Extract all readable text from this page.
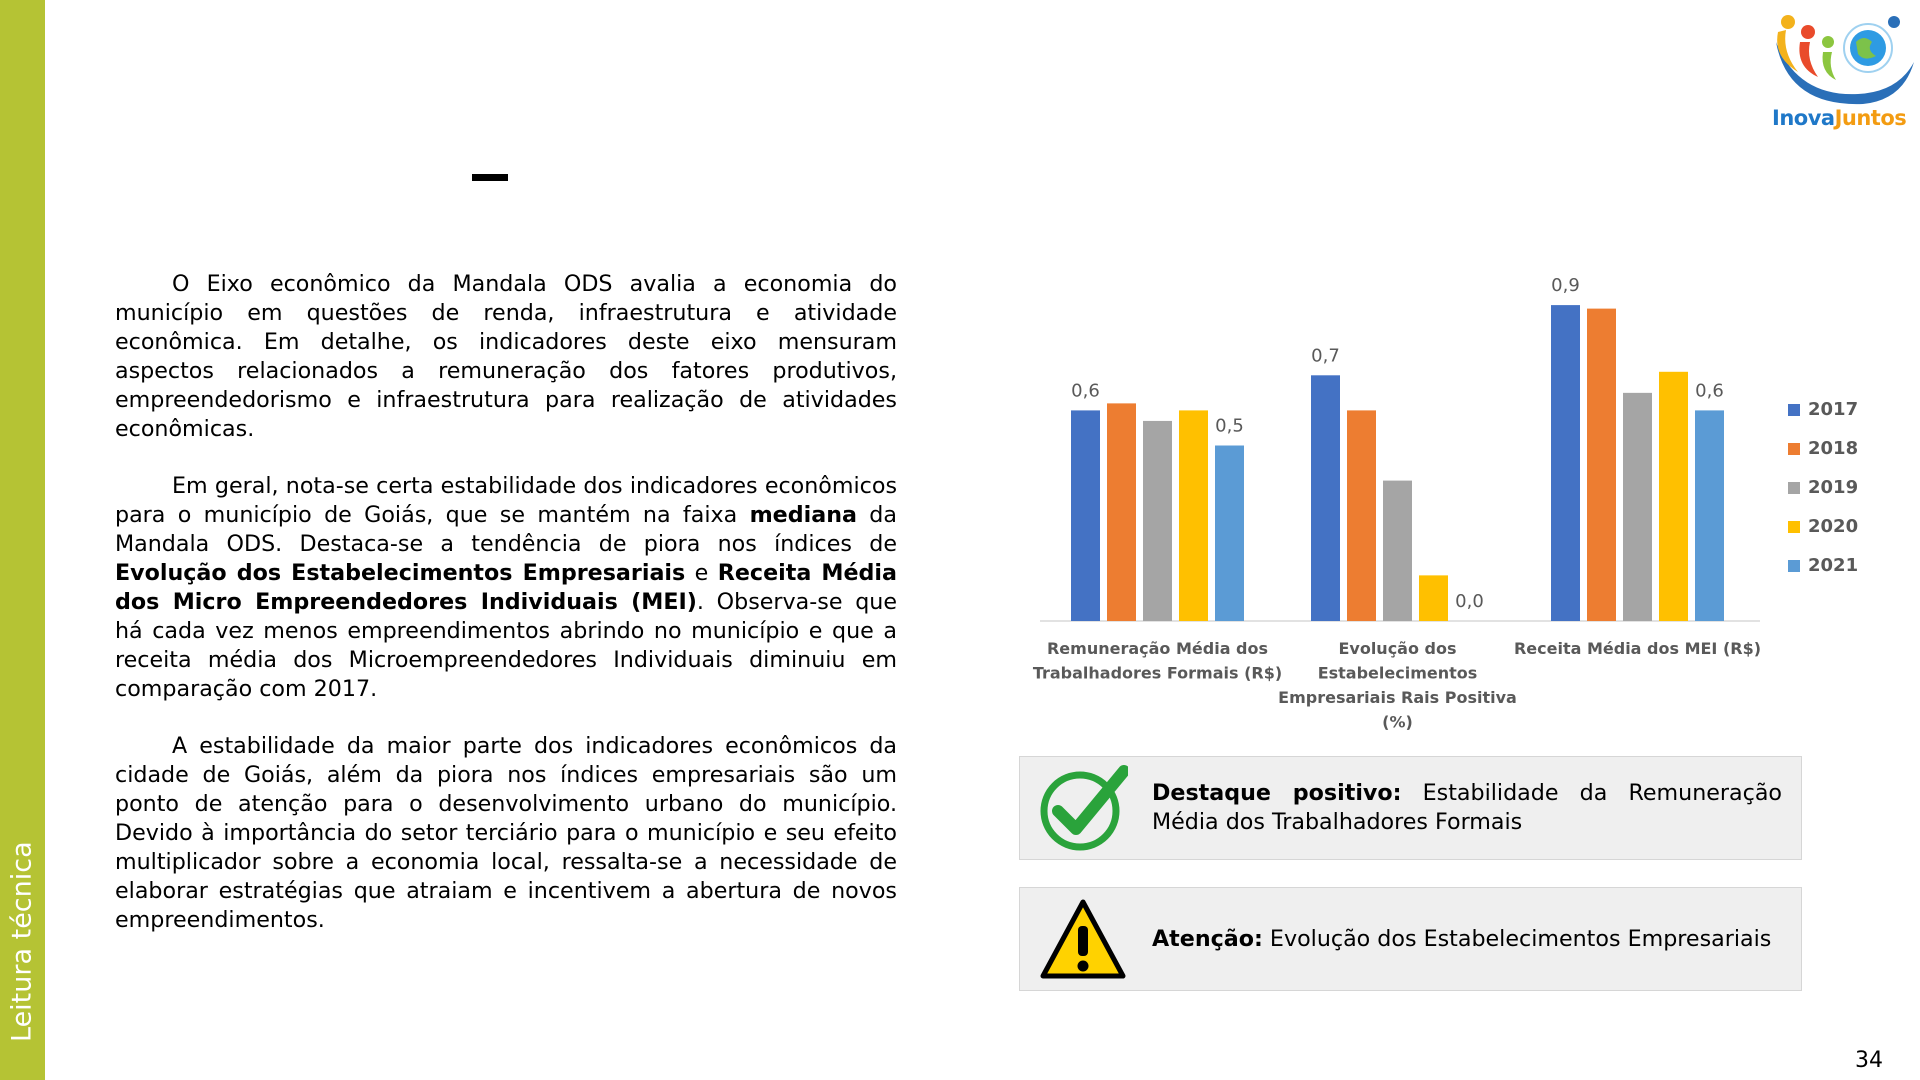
Leitura técnica
InovaJuntos

O Eixo econômico da Mandala ODS avalia a economia do município em questões de renda, infraestrutura e atividade econômica. Em detalhe, os indicadores deste eixo mensuram aspectos relacionados a remuneração dos fatores produtivos, empreendedorismo e infraestrutura para realização de atividades econômicas.

Em geral, nota-se certa estabilidade dos indicadores econômicos para o município de Goiás, que se mantém na faixa mediana da Mandala ODS. Destaca-se a tendência de piora nos índices de Evolução dos Estabelecimentos Empresariais e Receita Média dos Micro Empreendedores Individuais (MEI). Observa-se que há cada vez menos empreendimentos abrindo no município e que a receita média dos Microempreendedores Individuais diminuiu em comparação com 2017.

A estabilidade da maior parte dos indicadores econômicos da cidade de Goiás, além da piora nos índices empresariais são um ponto de atenção para o desenvolvimento urbano do município. Devido à importância do setor terciário para o município e seu efeito multiplicador sobre a economia local, ressalta-se a necessidade de elaborar estratégias que atraiam e incentivem a abertura de novos empreendimentos.

0,6
0,5
0,7
0,0
0,9
0,6
Remuneração Média dos Trabalhadores Formais (R$)
Evolução dos Estabelecimentos Empresariais Rais Positiva (%)
Receita Média dos MEI (R$)
2017
2018
2019
2020
2021
Destaque positivo: Estabilidade da Remuneração Média dos Trabalhadores Formais
Atenção: Evolução dos Estabelecimentos Empresariais
34
